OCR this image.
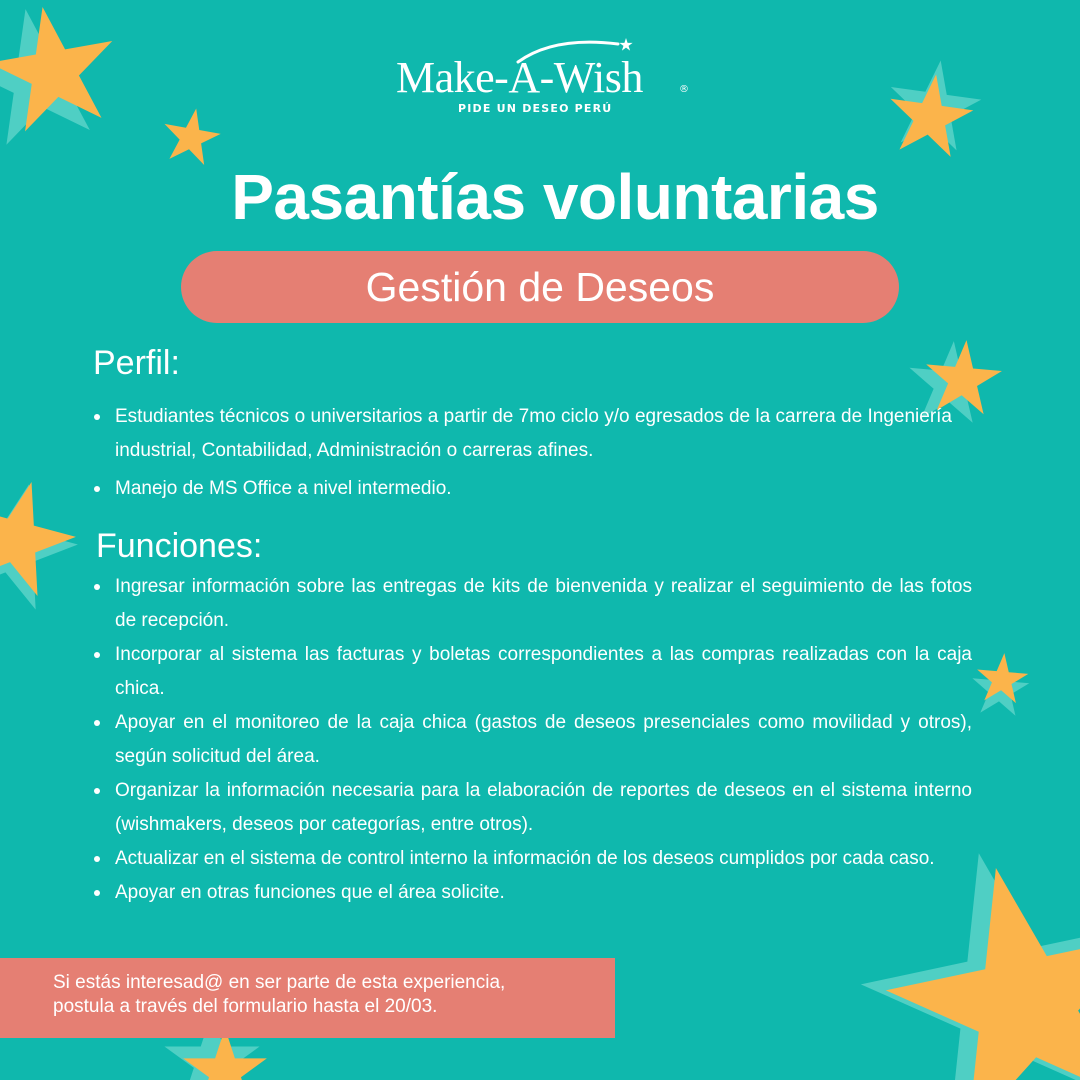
Make-A-Wish	®
PIDE UN DESEO PERÚ
Pasantías voluntarias
Gestión de Deseos
Perfil:
Estudiantes técnicos o universitarios a partir de 7mo ciclo y/o egresados de la carrera de Ingeniería industrial, Contabilidad, Administración o carreras afines.
Manejo de MS Office a nivel intermedio.
Funciones:
Ingresar información sobre las entregas de kits de bienvenida y realizar el seguimiento de las fotos de recepción.
Incorporar al sistema las facturas y boletas correspondientes a las compras realizadas con la caja chica.
Apoyar en el monitoreo de la caja chica (gastos de deseos presenciales como movilidad y otros), según solicitud del área.
Organizar la información necesaria para la elaboración de reportes de deseos en el sistema interno (wishmakers, deseos por categorías, entre otros).
Actualizar en el sistema de control interno la información de los deseos cumplidos por cada caso.
Apoyar en otras funciones que el área solicite.
Si estás interesad@ en ser parte de esta experiencia,
postula a través del formulario hasta el 20/03.
